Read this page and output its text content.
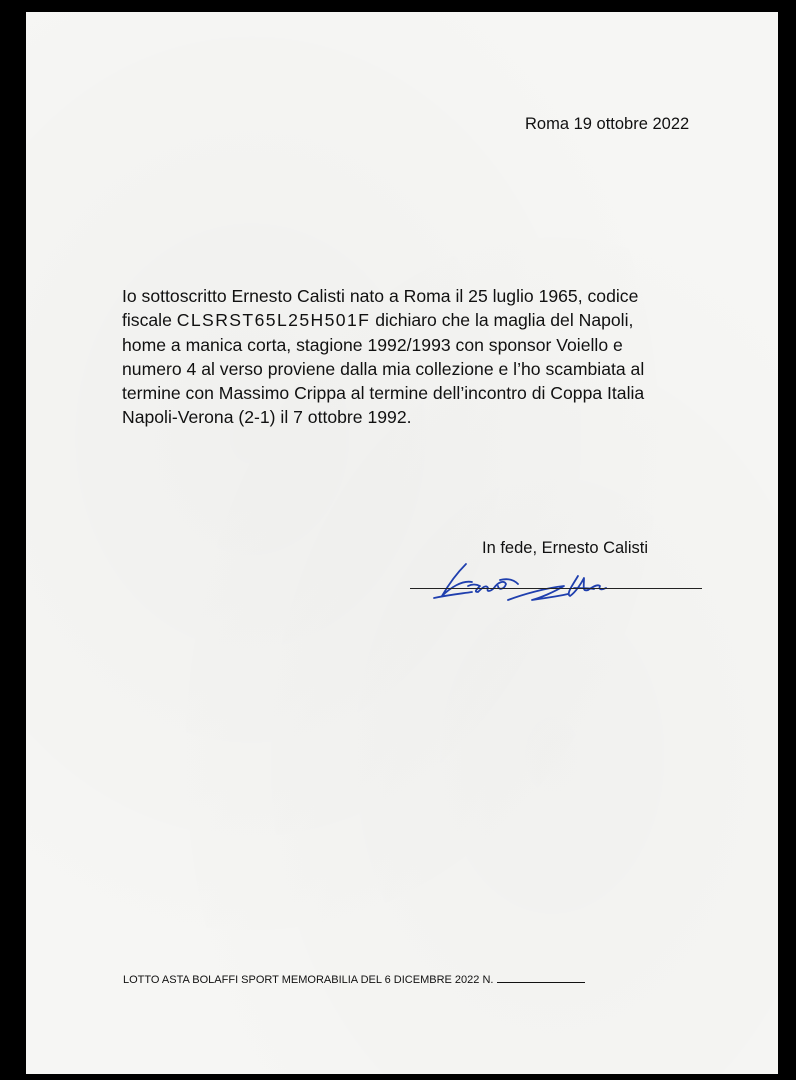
Roma 19 ottobre 2022
Io sottoscritto Ernesto Calisti nato a Roma il 25 luglio 1965, codice
fiscale CLSRST65L25H501F dichiaro che la maglia del Napoli,
home a manica corta, stagione 1992/1993 con sponsor Voiello e
numero 4 al verso proviene dalla mia collezione e l’ho scambiata al
termine con Massimo Crippa al termine dell’incontro di Coppa Italia
Napoli-Verona (2-1) il 7 ottobre 1992.
In fede, Ernesto Calisti
LOTTO ASTA BOLAFFI SPORT MEMORABILIA DEL 6 DICEMBRE 2022 N.
